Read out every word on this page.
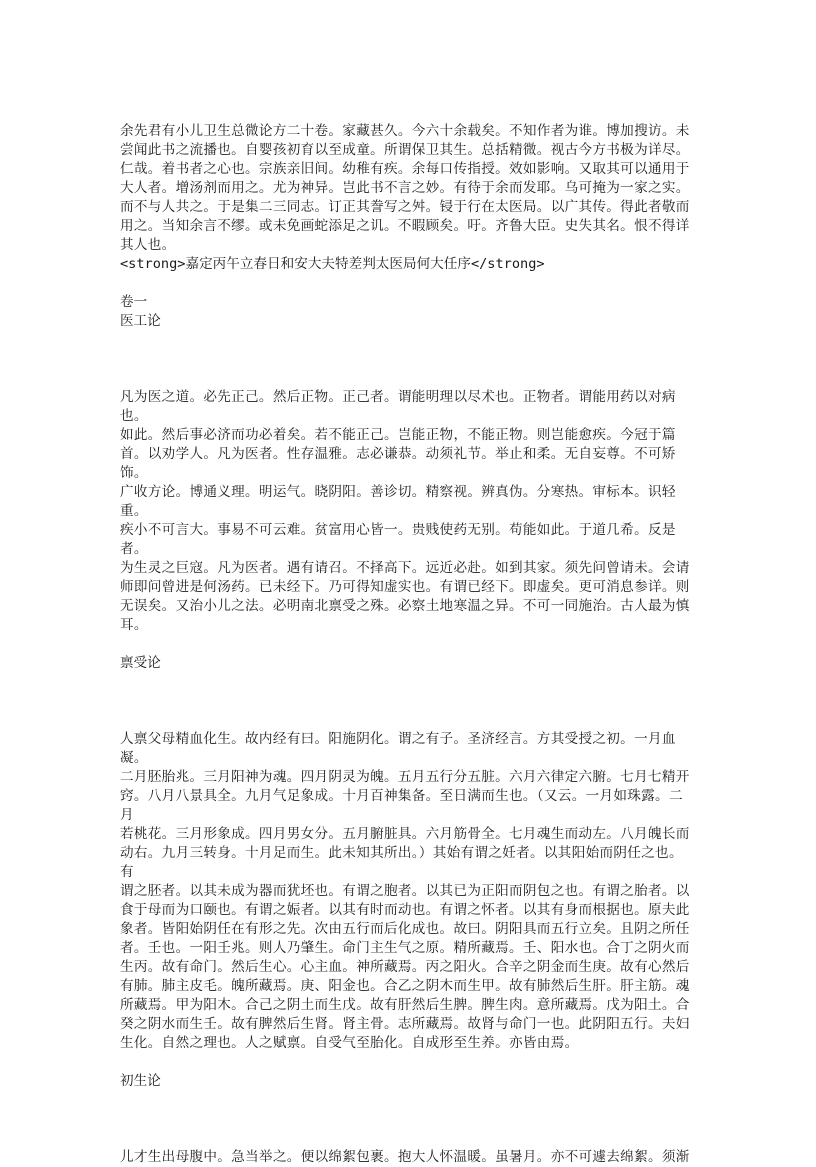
余先君有小儿卫生总微论方二十卷。家藏甚久。今六十余载矣。不知作者为谁。博加搜访。未
尝闻此书之流播也。自婴孩初育以至成童。所谓保卫其生。总括精微。视古今方书极为详尽。
仁哉。着书者之心也。宗族亲旧间。幼稚有疾。余每口传指授。效如影响。又取其可以通用于
大人者。增汤剂而用之。尤为神异。岂此书不言之妙。有待于余而发耶。乌可掩为一家之实。
而不与人共之。于是集二三同志。订正其誊写之舛。锓于行在太医局。以广其传。得此者敬而
用之。当知余言不缪。或未免画蛇添足之讥。不暇顾矣。吁。齐鲁大臣。史失其名。恨不得详
其人也。

<strong>嘉定丙午立春日和安大夫特差判太医局何大任序</strong>

卷一

医工论

凡为医之道。必先正己。然后正物。正己者。谓能明理以尽术也。正物者。谓能用药以对病也。
如此。然后事必济而功必着矣。若不能正己。岂能正物，不能正物。则岂能愈疾。今冠于篇
首。以劝学人。凡为医者。性存温雅。志必谦恭。动须礼节。举止和柔。无自妄尊。不可矫饰。
广收方论。博通义理。明运气。晓阴阳。善诊切。精察视。辨真伪。分寒热。审标本。识轻重。
疾小不可言大。事易不可云难。贫富用心皆一。贵贱使药无别。苟能如此。于道几希。反是者。
为生灵之巨寇。凡为医者。遇有请召。不择高下。远近必赴。如到其家。须先问曾请未。会请
师即问曾进是何汤药。已未经下。乃可得知虚实也。有谓已经下。即虚矣。更可消息参详。则
无误矣。又治小儿之法。必明南北禀受之殊。必察土地寒温之异。不可一同施治。古人最为慎
耳。

禀受论

人禀父母精血化生。故内经有曰。阳施阴化。谓之有子。圣济经言。方其受授之初。一月血凝。
二月胚胎兆。三月阳神为魂。四月阴灵为魄。五月五行分五脏。六月六律定六腑。七月七精开
窍。八月八景具全。九月气足象成。十月百神集备。至日满而生也。（又云。一月如珠露。二月
若桃花。三月形象成。四月男女分。五月腑脏具。六月筋骨全。七月魂生而动左。八月魄长而
动右。九月三转身。十月足而生。此未知其所出。）其始有谓之妊者。以其阳始而阴任之也。有
谓之胚者。以其未成为器而犹坯也。有谓之胞者。以其已为正阳而阴包之也。有谓之胎者。以
食于母而为口颐也。有谓之娠者。以其有时而动也。有谓之怀者。以其有身而根据也。原夫此
象者。皆阳始阴任在有形之先。次由五行而后化成也。故曰。阴阳具而五行立矣。且阴之所任
者。壬也。一阳壬兆。则人乃肇生。命门主生气之原。精所藏焉。壬、阳水也。合丁之阴火而
生丙。故有命门。然后生心。心主血。神所藏焉。丙之阳火。合辛之阴金而生庚。故有心然后
有肺。肺主皮毛。魄所藏焉。庚、阳金也。合乙之阴木而生甲。故有肺然后生肝。肝主筋。魂
所藏焉。甲为阳木。合己之阴土而生戊。故有肝然后生脾。脾生肉。意所藏焉。戊为阳土。合
癸之阴水而生壬。故有脾然后生肾。肾主骨。志所藏焉。故肾与命门一也。此阴阳五行。夫妇
生化。自然之理也。人之赋禀。自受气至胎化。自成形至生养。亦皆由焉。

初生论

儿才生出母腹中。急当举之。便以绵絮包裹。抱大人怀温暖。虽暑月。亦不可遽去绵絮。须渐
